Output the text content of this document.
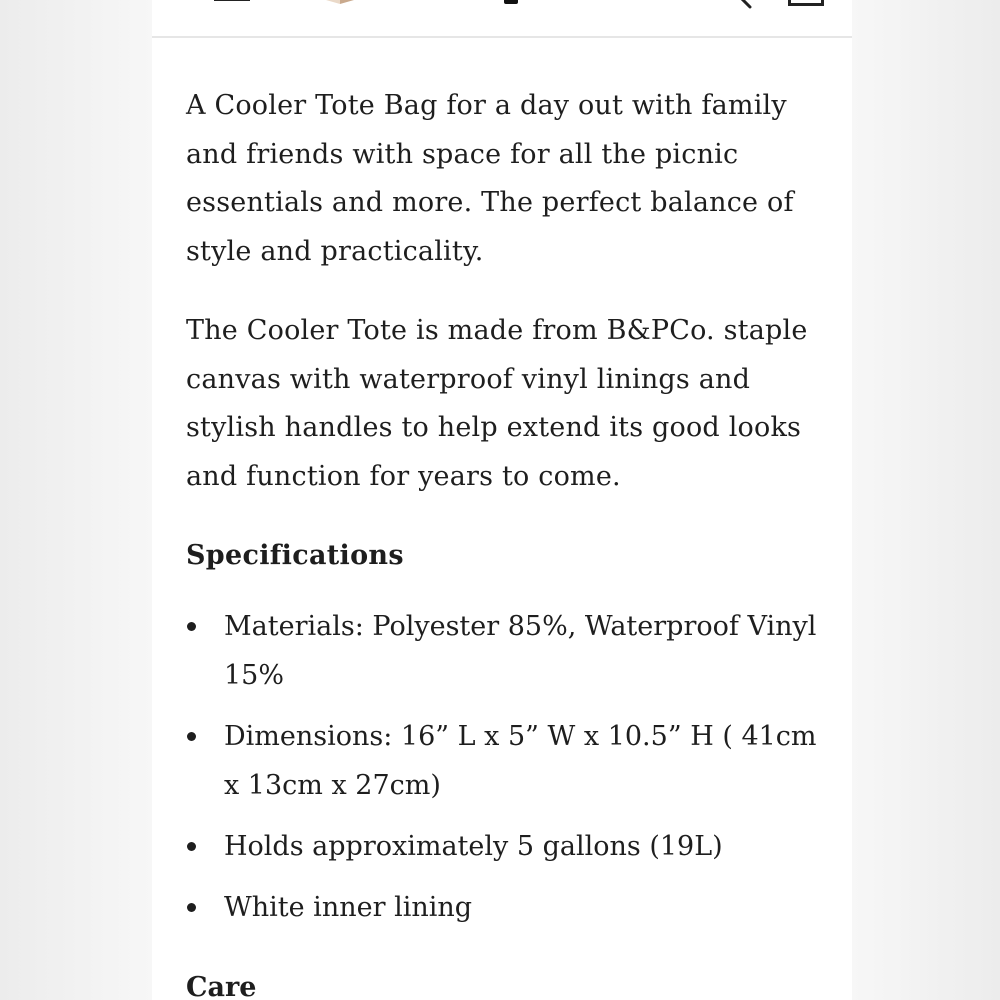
A Cooler Tote Bag for a day out with family and friends with space for all the picnic essentials and more. The perfect balance of style and practicality.

The Cooler Tote is made from B&PCo. staple canvas with waterproof vinyl linings and stylish handles to help extend its good looks and function for years to come.

Specifications
Materials: Polyester 85%, Waterproof Vinyl 15%
Dimensions: 16” L x 5” W x 10.5” H ( 41cm x 13cm x 27cm)
Holds approximately 5 gallons (19L)
White inner lining
Care
